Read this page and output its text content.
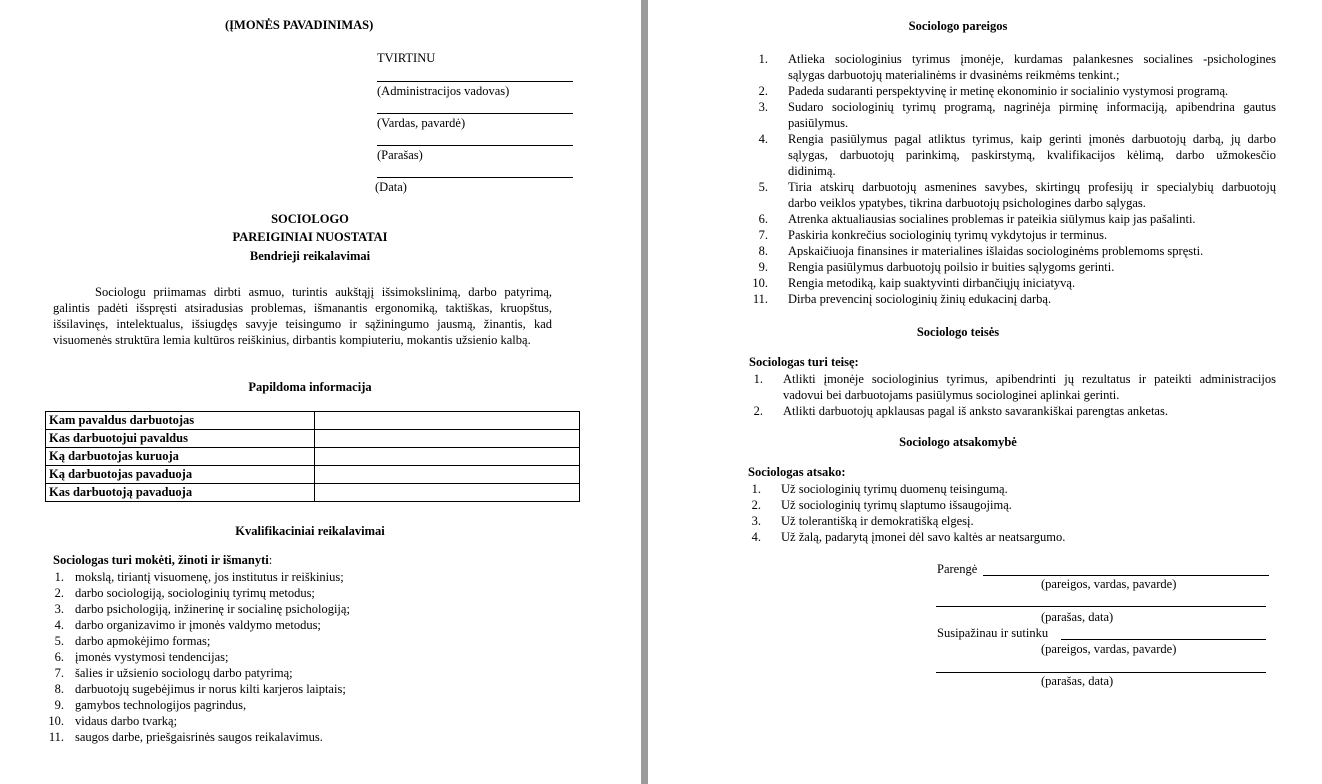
(ĮMONĖS PAVADINIMAS)
TVIRTINU
(Administracijos vadovas)
(Vardas, pavardė)
(Parašas)
(Data)
SOCIOLOGO
PAREIGINIAI NUOSTATAI
Bendrieji reikalavimai
Sociologu priimamas dirbti asmuo, turintis aukštąjį išsimokslinimą, darbo patyrimą, galintis padėti išspręsti atsiradusias problemas, išmanantis ergonomiką, taktiškas, kruopštus, išsilavinęs, intelektualus, išsiugdęs savyje teisingumo ir sąžiningumo jausmą, žinantis, kad visuomenės struktūra lemia kultūros reiškinius, dirbantis kompiuteriu, mokantis užsienio kalbą.
Papildoma informacija
Kam pavaldus darbuotojas	
Kas darbuotojui pavaldus	
Ką darbuotojas kuruoja	
Ką darbuotojas pavaduoja	
Kas darbuotoją pavaduoja	
Kvalifikaciniai reikalavimai
Sociologas turi mokėti, žinoti ir išmanyti:
1. mokslą, tiriantį visuomenę, jos institutus ir reiškinius;
2. darbo sociologiją, sociologinių tyrimų metodus;
3. darbo psichologiją, inžinerinę ir socialinę psichologiją;
4. darbo organizavimo ir įmonės valdymo metodus;
5. darbo apmokėjimo formas;
6. įmonės vystymosi tendencijas;
7. šalies ir užsienio sociologų darbo patyrimą;
8. darbuotojų sugebėjimus ir norus kilti karjeros laiptais;
9. gamybos technologijos pagrindus,
10. vidaus darbo tvarką;
11. saugos darbe, priešgaisrinės saugos reikalavimus.
Sociologo pareigos
1. Atlieka sociologinius tyrimus įmonėje, kurdamas palankesnes socialines -psichologines
sąlygas darbuotojų materialinėms ir dvasinėms reikmėms tenkint.;
2. Padeda sudaranti perspektyvinę ir metinę ekonominio ir socialinio vystymosi programą.
3. Sudaro sociologinių tyrimų programą, nagrinėja pirminę informaciją, apibendrina gautus
pasiūlymus.
4. Rengia pasiūlymus pagal atliktus tyrimus, kaip gerinti įmonės darbuotojų darbą, jų darbo
sąlygas, darbuotojų parinkimą, paskirstymą, kvalifikacijos kėlimą, darbo užmokesčio
didinimą.
5. Tiria atskirų darbuotojų asmenines savybes, skirtingų profesijų ir specialybių darbuotojų
darbo veiklos ypatybes, tikrina darbuotojų psichologines darbo sąlygas.
6. Atrenka aktualiausias socialines problemas ir pateikia siūlymus kaip jas pašalinti.
7. Paskiria konkrečius sociologinių tyrimų vykdytojus ir terminus.
8. Apskaičiuoja finansines ir materialines išlaidas sociologinėms problemoms spręsti.
9. Rengia pasiūlymus darbuotojų poilsio ir buities sąlygoms gerinti.
10. Rengia metodiką, kaip suaktyvinti dirbančiųjų iniciatyvą.
11. Dirba prevencinį sociologinių žinių edukacinį darbą.
Sociologo teisės
Sociologas turi teisę:
1. Atlikti įmonėje sociologinius tyrimus, apibendrinti jų rezultatus ir pateikti administracijos
vadovui bei darbuotojams pasiūlymus sociologinei aplinkai gerinti.
2. Atlikti darbuotojų apklausas pagal iš anksto savarankiškai parengtas anketas.
Sociologo atsakomybė
Sociologas atsako:
1. Už sociologinių tyrimų duomenų teisingumą.
2. Už sociologinių tyrimų slaptumo išsaugojimą.
3. Už tolerantišką ir demokratišką elgesį.
4. Už žalą, padarytą įmonei dėl savo kaltės ar neatsargumo.
Parengė
(pareigos, vardas, pavarde)
(parašas, data)
Susipažinau ir sutinku
(pareigos, vardas, pavarde)
(parašas, data)
